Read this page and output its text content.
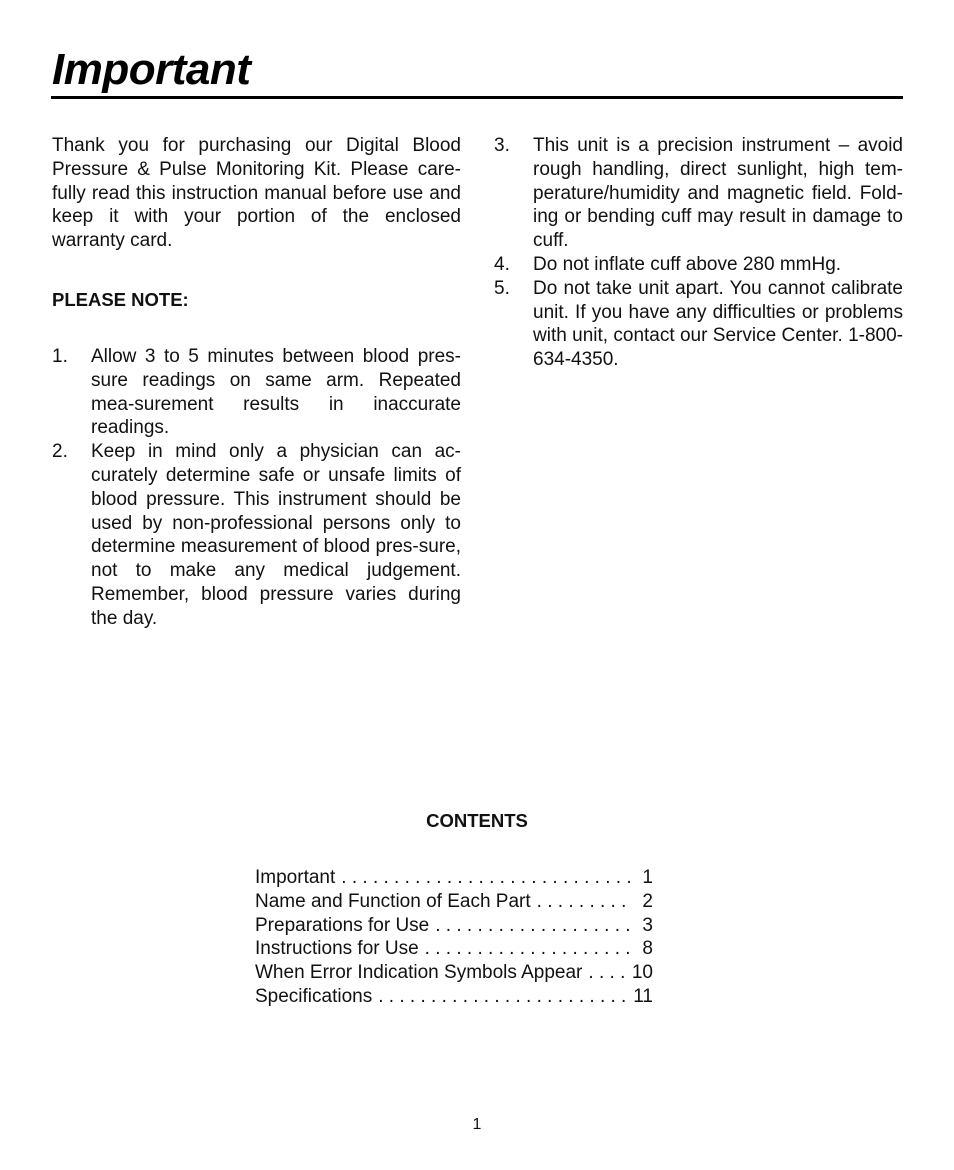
Important

Thank you for purchasing our Digital Blood Pressure & Pulse Monitoring Kit. Please care-fully read this instruction manual before use and keep it with your portion of the enclosed warranty card.

PLEASE NOTE:

1. Allow 3 to 5 minutes between blood pres-sure readings on same arm. Repeated mea-surement results in inaccurate readings.
2. Keep in mind only a physician can ac-curately determine safe or unsafe limits of blood pressure. This instrument should be used by non-professional persons only to determine measurement of blood pres-sure, not to make any medical judgement. Remember, blood pressure varies during the day.
3. This unit is a precision instrument – avoid rough handling, direct sunlight, high tem-perature/humidity and magnetic field. Fold-ing or bending cuff may result in damage to cuff.
4. Do not inflate cuff above 280 mmHg.
5. Do not take unit apart. You cannot calibrate unit. If you have any difficulties or problems with unit, contact our Service Center. 1-800-634-4350.

CONTENTS

Important . . .	1
Name and Function of Each Part . . .	2
Preparations for Use . . .	3
Instructions for Use . . .	8
When Error Indication Symbols Appear . . .	10
Specifications . . .	11
1
